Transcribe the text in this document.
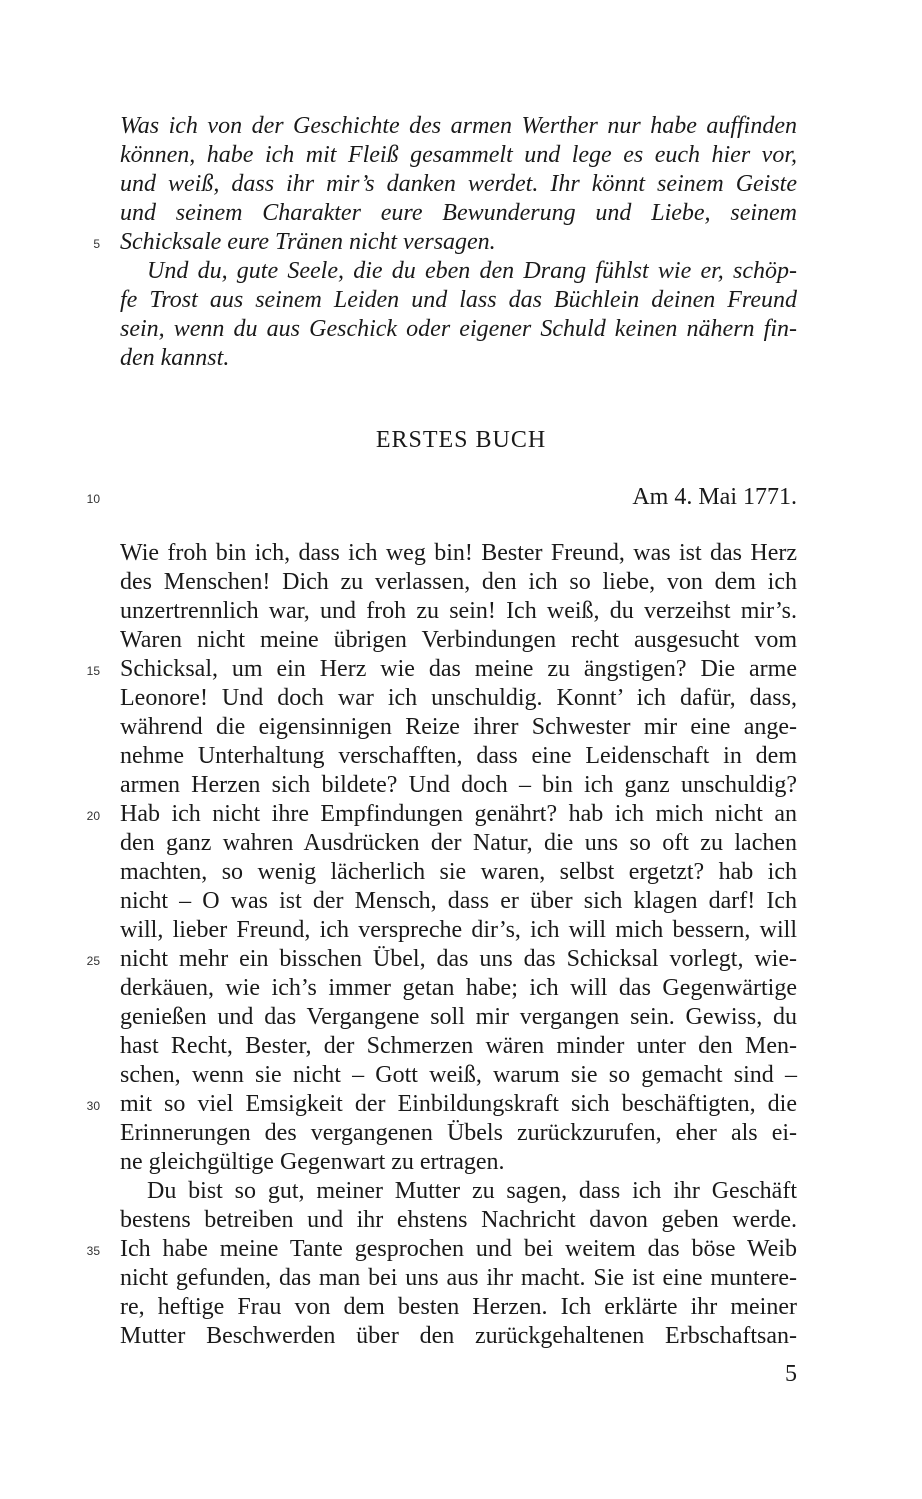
Was ich von der Geschichte des armen Werther nur habe auffinden
können, habe ich mit Fleiß gesammelt und lege es euch hier vor,
und weiß, dass ihr mir’s danken werdet. Ihr könnt seinem Geiste
und seinem Charakter eure Bewunderung und Liebe, seinem
Schicksale eure Tränen nicht versagen.
Und du, gute Seele, die du eben den Drang fühlst wie er, schöp-
fe Trost aus seinem Leiden und lass das Büchlein deinen Freund
sein, wenn du aus Geschick oder eigener Schuld keinen nähern fin-
den kannst.
ERSTES BUCH
Am 4. Mai 1771.
Wie froh bin ich, dass ich weg bin! Bester Freund, was ist das Herz
des Menschen! Dich zu verlassen, den ich so liebe, von dem ich
unzertrennlich war, und froh zu sein! Ich weiß, du verzeihst mir’s.
Waren nicht meine übrigen Verbindungen recht ausgesucht vom
Schicksal, um ein Herz wie das meine zu ängstigen? Die arme
Leonore! Und doch war ich unschuldig. Konnt’ ich dafür, dass,
während die eigensinnigen Reize ihrer Schwester mir eine ange-
nehme Unterhaltung verschafften, dass eine Leidenschaft in dem
armen Herzen sich bildete? Und doch – bin ich ganz unschuldig?
Hab ich nicht ihre Empfindungen genährt? hab ich mich nicht an
den ganz wahren Ausdrücken der Natur, die uns so oft zu lachen
machten, so wenig lächerlich sie waren, selbst ergetzt? hab ich
nicht – O was ist der Mensch, dass er über sich klagen darf! Ich
will, lieber Freund, ich verspreche dir’s, ich will mich bessern, will
nicht mehr ein bisschen Übel, das uns das Schicksal vorlegt, wie-
derkäuen, wie ich’s immer getan habe; ich will das Gegenwärtige
genießen und das Vergangene soll mir vergangen sein. Gewiss, du
hast Recht, Bester, der Schmerzen wären minder unter den Men-
schen, wenn sie nicht – Gott weiß, warum sie so gemacht sind –
mit so viel Emsigkeit der Einbildungskraft sich beschäftigten, die
Erinnerungen des vergangenen Übels zurückzurufen, eher als ei-
ne gleichgültige Gegenwart zu ertragen.
Du bist so gut, meiner Mutter zu sagen, dass ich ihr Geschäft
bestens betreiben und ihr ehstens Nachricht davon geben werde.
Ich habe meine Tante gesprochen und bei weitem das böse Weib
nicht gefunden, das man bei uns aus ihr macht. Sie ist eine muntere-
re, heftige Frau von dem besten Herzen. Ich erklärte ihr meiner
Mutter Beschwerden über den zurückgehaltenen Erbschaftsan-
5
10
15
20
25
30
35
5
